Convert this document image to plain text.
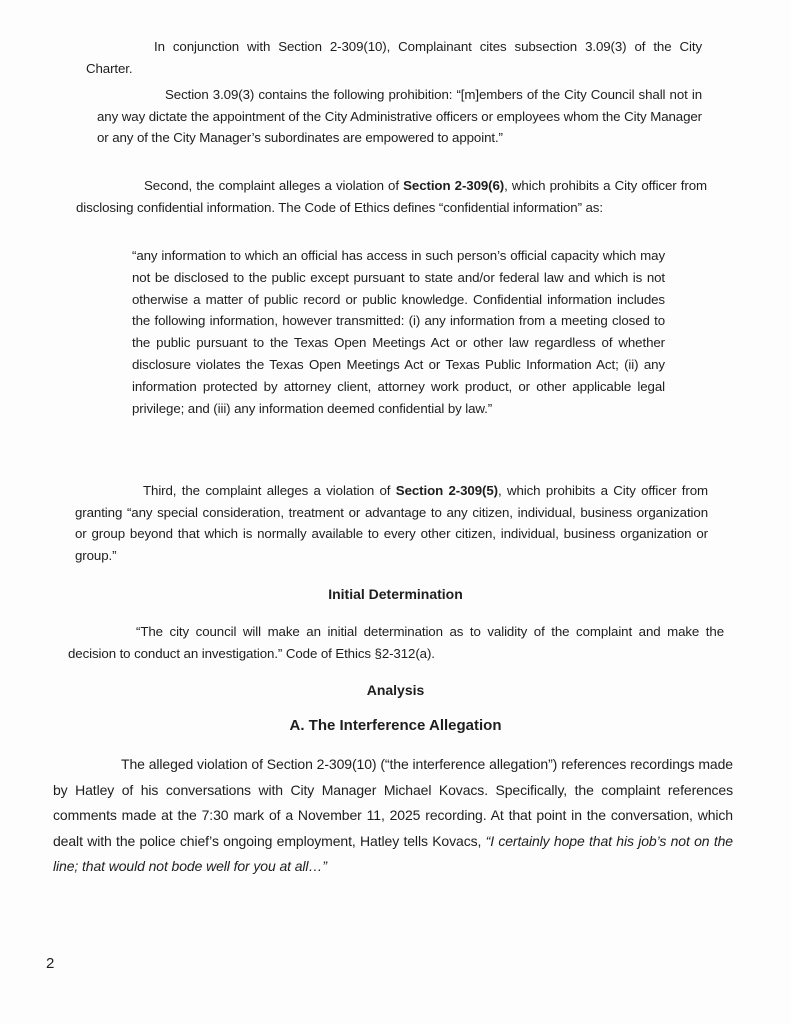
In conjunction with Section 2-309(10), Complainant cites subsection 3.09(3) of the City Charter.

Section 3.09(3) contains the following prohibition: “[m]embers of the City Council shall not in any way dictate the appointment of the City Administrative officers or employees whom the City Manager or any of the City Manager’s subordinates are empowered to appoint.”

Second, the complaint alleges a violation of Section 2-309(6), which prohibits a City officer from disclosing confidential information. The Code of Ethics defines “confidential information” as:

“any information to which an official has access in such person’s official capacity which may not be disclosed to the public except pursuant to state and/or federal law and which is not otherwise a matter of public record or public knowledge. Confidential information includes the following information, however transmitted: (i) any information from a meeting closed to the public pursuant to the Texas Open Meetings Act or other law regardless of whether disclosure violates the Texas Open Meetings Act or Texas Public Information Act; (ii) any information protected by attorney client, attorney work product, or other applicable legal privilege; and (iii) any information deemed confidential by law.”

Third, the complaint alleges a violation of Section 2-309(5), which prohibits a City officer from granting “any special consideration, treatment or advantage to any citizen, individual, business organization or group beyond that which is normally available to every other citizen, individual, business organization or group.”

Initial Determination

“The city council will make an initial determination as to validity of the complaint and make the decision to conduct an investigation.” Code of Ethics §2-312(a).

Analysis
A. The Interference Allegation

The alleged violation of Section 2-309(10) (“the interference allegation”) references recordings made by Hatley of his conversations with City Manager Michael Kovacs. Specifically, the complaint references comments made at the 7:30 mark of a November 11, 2025 recording. At that point in the conversation, which dealt with the police chief’s ongoing employment, Hatley tells Kovacs, “I certainly hope that his job’s not on the line; that would not bode well for you at all…”

2
